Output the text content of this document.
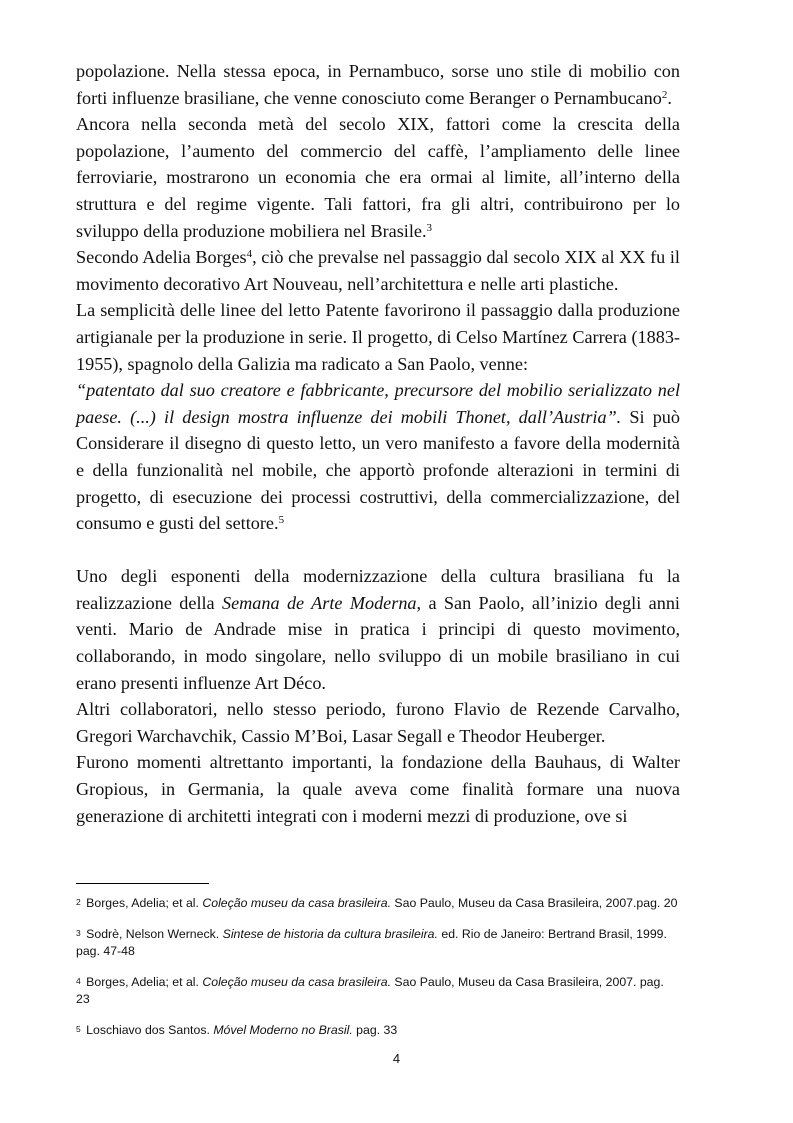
popolazione. Nella stessa epoca, in Pernambuco, sorse uno stile di mobilio con forti influenze brasiliane, che venne conosciuto come Beranger o Pernambucano$^2$.

Ancora nella seconda metà del secolo XIX, fattori come la crescita della popolazione, l’aumento del commercio del caffè, l’ampliamento delle linee ferroviarie, mostrarono un economia che era ormai al limite, all’interno della struttura e del regime vigente. Tali fattori, fra gli altri, contribuirono per lo sviluppo della produzione mobiliera nel Brasile.$^3$

Secondo Adelia Borges$^4$, ciò che prevalse nel passaggio dal secolo XIX al XX fu il movimento decorativo Art Nouveau, nell’architettura e nelle arti plastiche.

La semplicità delle linee del letto Patente favorirono il passaggio dalla produzione artigianale per la produzione in serie. Il progetto, di Celso Martínez Carrera (1883-1955), spagnolo della Galizia ma radicato a San Paolo, venne:
“patentato dal suo creatore e fabbricante, precursore del mobilio serializzato nel paese. (...) il design mostra influenze dei mobili Thonet, dall’Austria”. Si può Considerare il disegno di questo letto, un vero manifesto a favore della modernità e della funzionalità nel mobile, che apportò profonde alterazioni in termini di progetto, di esecuzione dei processi costruttivi, della commercializzazione, del consumo e gusti del settore.$^5$

Uno degli esponenti della modernizzazione della cultura brasiliana fu la realizzazione della Semana de Arte Moderna, a San Paolo, all’inizio degli anni venti. Mario de Andrade mise in pratica i principi di questo movimento, collaborando, in modo singolare, nello sviluppo di un mobile brasiliano in cui erano presenti influenze Art Déco.

Altri collaboratori, nello stesso periodo, furono Flavio de Rezende Carvalho, Gregori Warchavchik, Cassio M’Boi, Lasar Segall e Theodor Heuberger.

Furono momenti altrettanto importanti, la fondazione della Bauhaus, di Walter Gropious, in Germania, la quale aveva come finalità formare una nuova generazione di architetti integrati con i moderni mezzi di produzione, ove si

2 Borges, Adelia; et al. Coleção museu da casa brasileira. Sao Paulo, Museu da Casa Brasileira, 2007.pag. 20

3 Sodrè, Nelson Werneck. Sintese de historia da cultura brasileira. ed. Rio de Janeiro: Bertrand Brasil, 1999. pag. 47-48

4 Borges, Adelia; et al. Coleção museu da casa brasileira. Sao Paulo, Museu da Casa Brasileira, 2007. pag. 23

5 Loschiavo dos Santos. Móvel Moderno no Brasil. pag. 33

4
